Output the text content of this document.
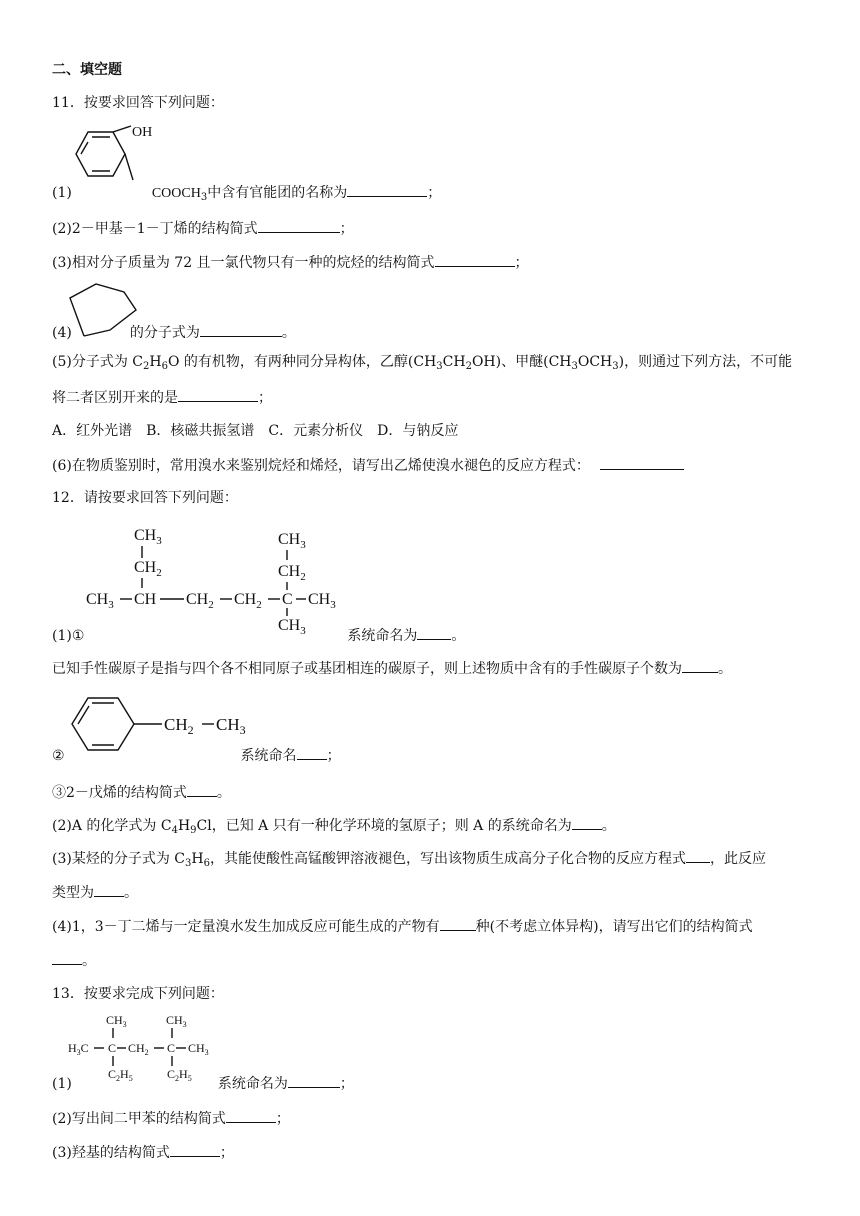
二、填空题
11．按要求回答下列问题：
OH
(1)	$COOCH_3$中含有官能团的名称为	；
(2)2－甲基－1－丁烯的结构简式	；
(3)相对分子质量为 72 且一氯代物只有一种的烷烃的结构简式	；
(4)	的分子式为	。
(5)分子式为 $C_2H_6O$ 的有机物，有两种同分异构体，乙醇$(CH_3CH_2OH)$、甲醚$(CH_3OCH_3)$，则通过下列方法，不可能
将二者区别开来的是	；
A．红外光谱　B．核磁共振氢谱　C．元素分析仪　D．与钠反应
(6)在物质鉴别时，常用溴水来鉴别烷烃和烯烃，请写出乙烯使溴水褪色的反应方程式：
12．请按要求回答下列问题：
$CH_3$
$CH_2$
$CH_3$ CH $CH_2$ $CH_2$ C $CH_3$
$CH_3$
$CH_2$
$CH_3$
(1)①	系统命名为 。
已知手性碳原子是指与四个各不相同原子或基团相连的碳原子，则上述物质中含有的手性碳原子个数为	。
$CH_2$ $CH_3$
②	系统命名 ；
③2－戊烯的结构简式 。
(2)A 的化学式为 $C_4H_9Cl$，已知 A 只有一种化学环境的氢原子；则 A 的系统命名为 。
(3)某烃的分子式为 $C_3H_6$，其能使酸性高锰酸钾溶液褪色，写出该物质生成高分子化合物的反应方程式 ，此反应
类型为 。
(4)1，3－丁二烯与一定量溴水发生加成反应可能生成的产物有	种(不考虑立体异构)，请写出它们的结构简式
。
13．按要求完成下列问题：
$CH_3$	$CH_3$
$H_3C$ C $CH_2$ C $CH_3$
$C_2H_5$	$C_2H_5$
(1)	系统命名为	；
(2)写出间二甲苯的结构简式	；
(3)羟基的结构简式	；
